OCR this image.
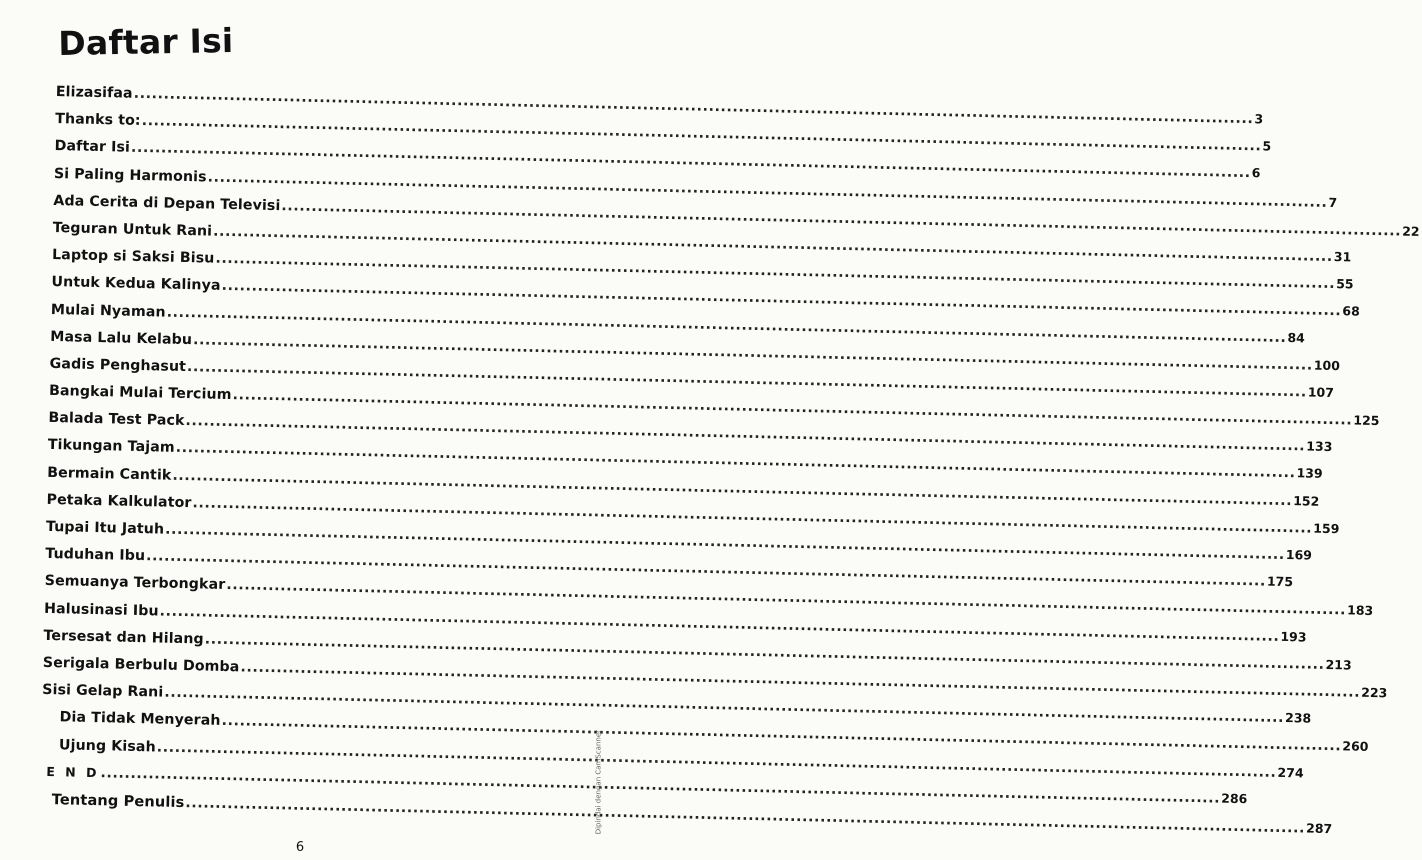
Daftar Isi
Elizasifaa
.....
3
Thanks to:
.....
5
Daftar Isi
.....
6
Si Paling Harmonis
.....
7
Ada Cerita di Depan Televisi
.....
22
Teguran Untuk Rani
.....
31
Laptop si Saksi Bisu
.....
55
Untuk Kedua Kalinya
.....
68
Mulai Nyaman
.....
84
Masa Lalu Kelabu
.....
100
Gadis Penghasut
.....
107
Bangkai Mulai Tercium
.....
125
Balada Test Pack
.....
133
Tikungan Tajam
.....
139
Bermain Cantik
.....
152
Petaka Kalkulator
.....
159
Tupai Itu Jatuh
.....
169
Tuduhan Ibu
.....
175
Semuanya Terbongkar
.....
183
Halusinasi Ibu
.....
193
Tersesat dan Hilang
.....
213
Serigala Berbulu Domba
.....
223
Sisi Gelap Rani
.....
238
Dia Tidak Menyerah
.....
260
Ujung Kisah
.....
274
E N D
.....
286
Tentang Penulis
.....
287
6
Dipindai dengan CamScanner
